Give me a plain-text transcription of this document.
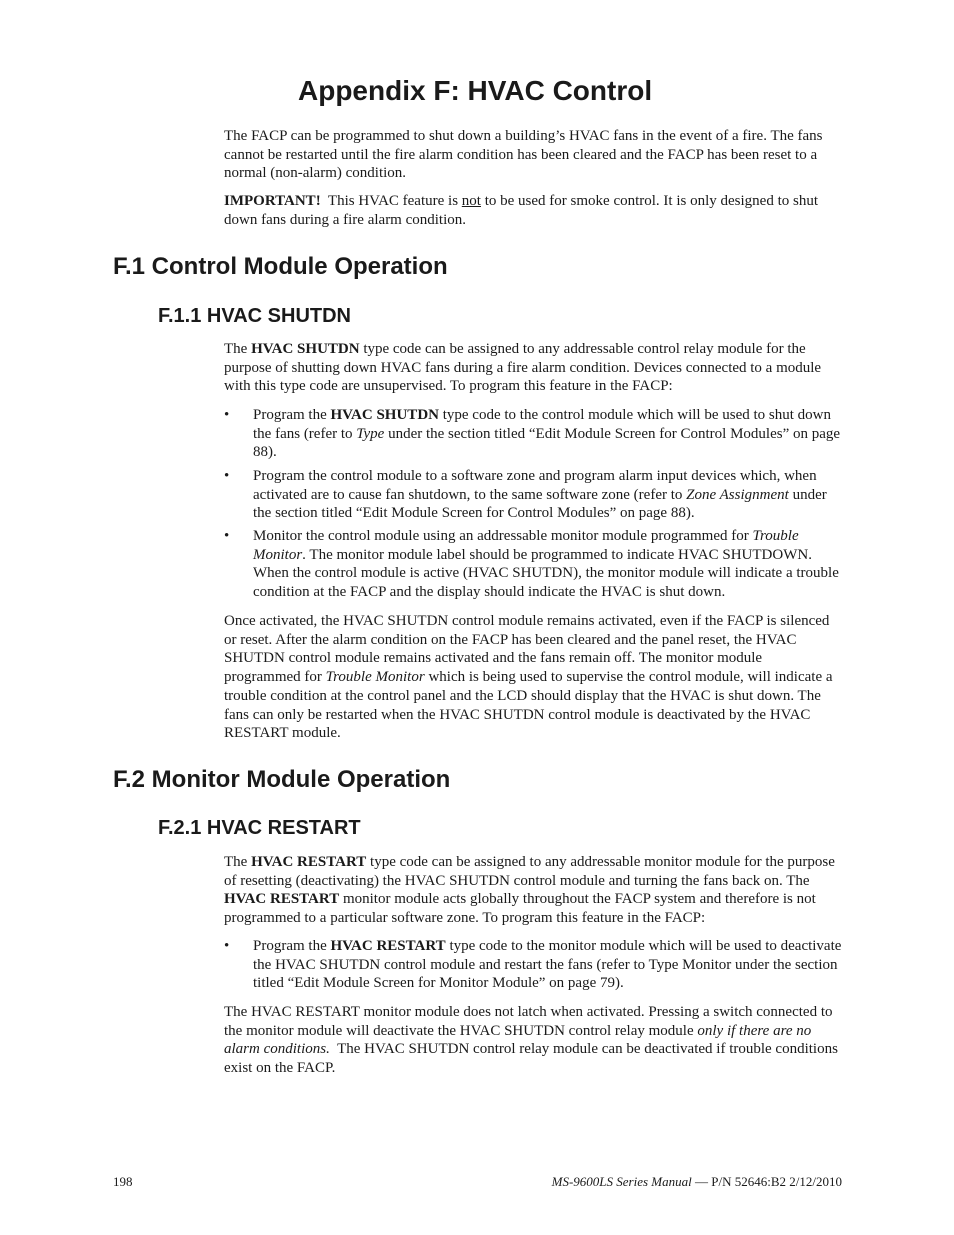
Appendix F: HVAC Control

The FACP can be programmed to shut down a building’s HVAC fans in the event of a fire. The fans cannot be restarted until the fire alarm condition has been cleared and the FACP has been reset to a normal (non-alarm) condition.

IMPORTANT! This HVAC feature is not to be used for smoke control. It is only designed to shut down fans during a fire alarm condition.

F.1 Control Module Operation
F.1.1 HVAC SHUTDN

The HVAC SHUTDN type code can be assigned to any addressable control relay module for the purpose of shutting down HVAC fans during a fire alarm condition. Devices connected to a module with this type code are unsupervised. To program this feature in the FACP:

• Program the HVAC SHUTDN type code to the control module which will be used to shut down the fans (refer to Type under the section titled “Edit Module Screen for Control Modules” on page 88).
• Program the control module to a software zone and program alarm input devices which, when activated are to cause fan shutdown, to the same software zone (refer to Zone Assignment under the section titled “Edit Module Screen for Control Modules” on page 88).
• Monitor the control module using an addressable monitor module programmed for Trouble Monitor. The monitor module label should be programmed to indicate HVAC SHUTDOWN. When the control module is active (HVAC SHUTDN), the monitor module will indicate a trouble condition at the FACP and the display should indicate the HVAC is shut down.

Once activated, the HVAC SHUTDN control module remains activated, even if the FACP is silenced or reset. After the alarm condition on the FACP has been cleared and the panel reset, the HVAC SHUTDN control module remains activated and the fans remain off. The monitor module programmed for Trouble Monitor which is being used to supervise the control module, will indicate a trouble condition at the control panel and the LCD should display that the HVAC is shut down. The fans can only be restarted when the HVAC SHUTDN control module is deactivated by the HVAC RESTART module.

F.2 Monitor Module Operation
F.2.1 HVAC RESTART

The HVAC RESTART type code can be assigned to any addressable monitor module for the purpose of resetting (deactivating) the HVAC SHUTDN control module and turning the fans back on. The HVAC RESTART monitor module acts globally throughout the FACP system and therefore is not programmed to a particular software zone. To program this feature in the FACP:

• Program the HVAC RESTART type code to the monitor module which will be used to deactivate the HVAC SHUTDN control module and restart the fans (refer to Type Monitor under the section titled “Edit Module Screen for Monitor Module” on page 79).

The HVAC RESTART monitor module does not latch when activated. Pressing a switch connected to the monitor module will deactivate the HVAC SHUTDN control relay module only if there are no alarm conditions. The HVAC SHUTDN control relay module can be deactivated if trouble conditions exist on the FACP.

198	MS-9600LS Series Manual — P/N 52646:B2 2/12/2010
